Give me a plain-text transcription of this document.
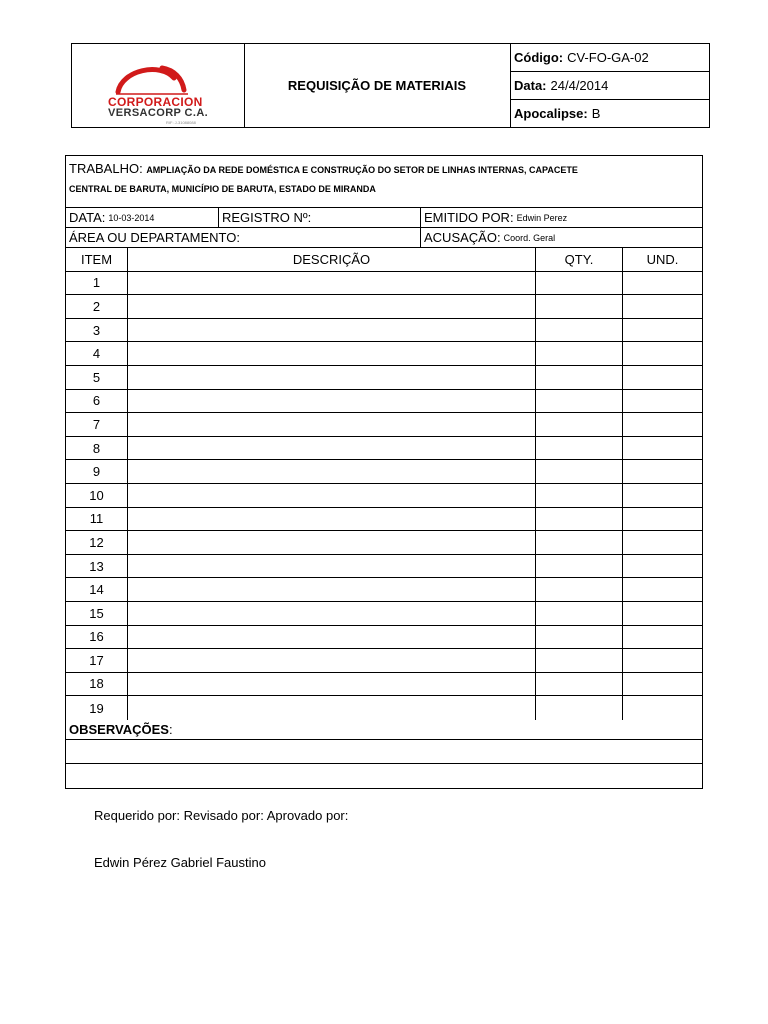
CORPORACION
VERSACORP C.A.
RIF: J-31088088
REQUISIÇÃO DE MATERIAIS
Código: CV-FO-GA-02
Data: 24/4/2014
Apocalipse: B
TRABALHO: AMPLIAÇÃO DA REDE DOMÉSTICA E CONSTRUÇÃO DO SETOR DE LINHAS INTERNAS, CAPACETE
CENTRAL DE BARUTA, MUNICÍPIO DE BARUTA, ESTADO DE MIRANDA
DATA: 10-03-2014	REGISTRO Nº:	EMITIDO POR: Edwin Perez
ÁREA OU DEPARTAMENTO:	ACUSAÇÃO: Coord. Geral
ITEM	DESCRIÇÃO	QTY.	UND.
1
2
3
4
5
6
7
8
9
10
11
12
13
14
15
16
17
18
19
OBSERVAÇÕES :
Requerido por: Revisado por: Aprovado por:
Edwin Pérez Gabriel Faustino
